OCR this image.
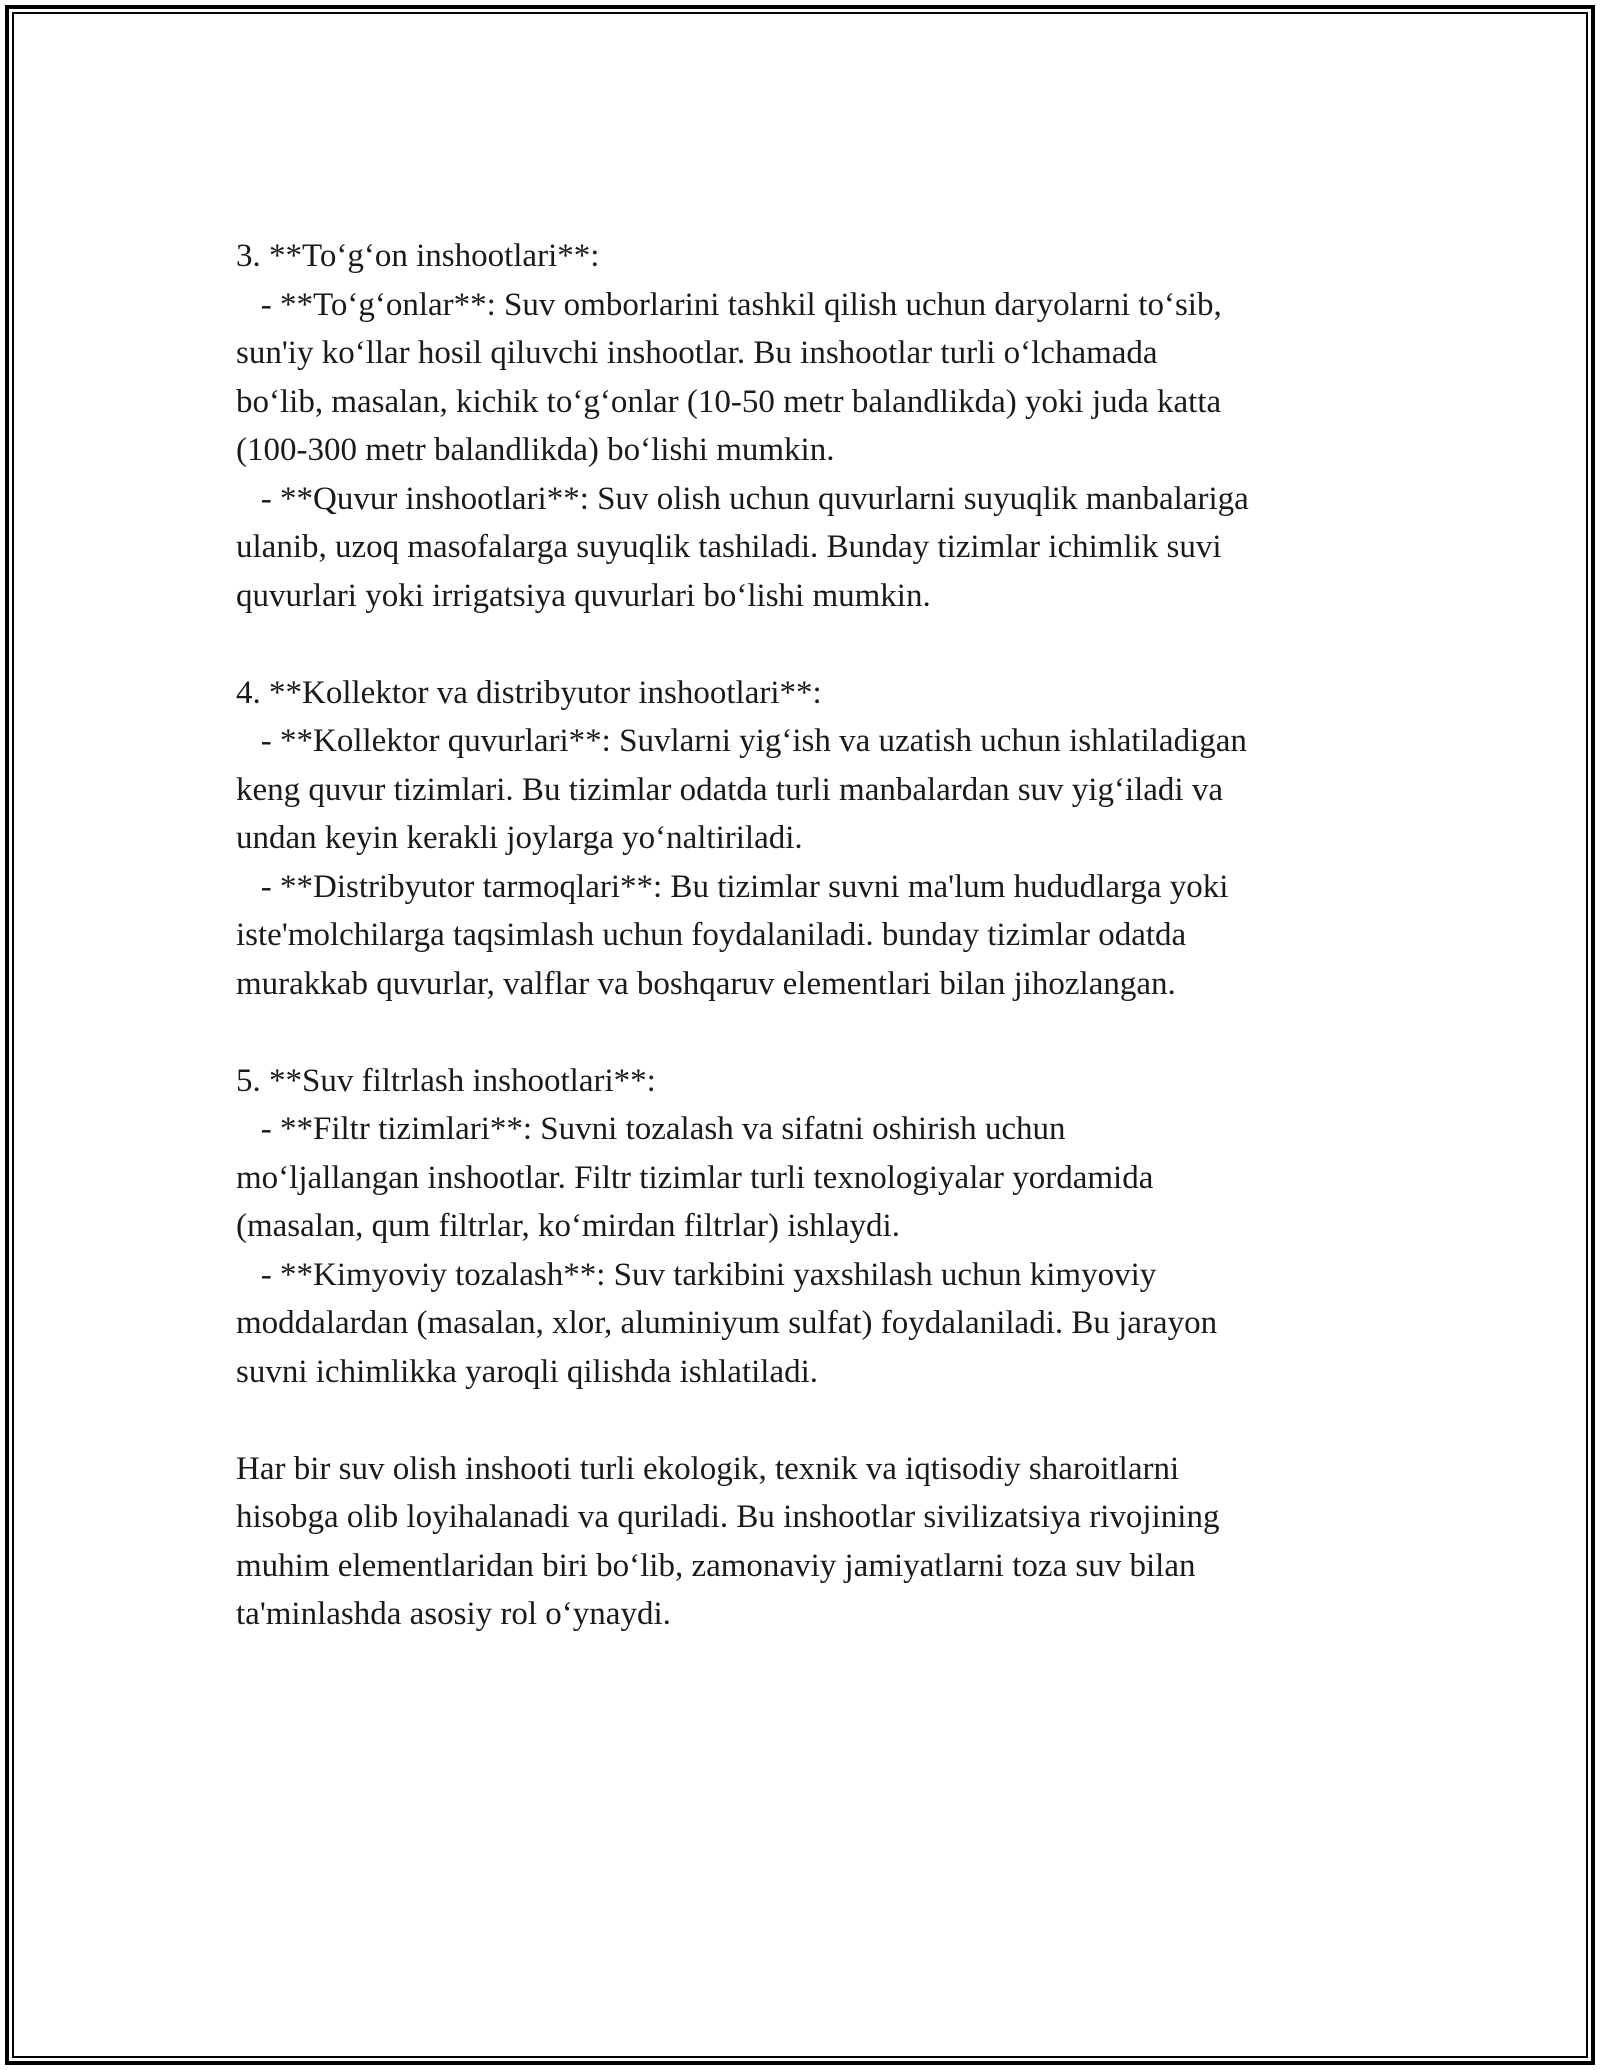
3. **To‘g‘on inshootlari**:
- **To‘g‘onlar**: Suv omborlarini tashkil qilish uchun daryolarni to‘sib,
sun'iy ko‘llar hosil qiluvchi inshootlar. Bu inshootlar turli o‘lchamada
bo‘lib, masalan, kichik to‘g‘onlar (10-50 metr balandlikda) yoki juda katta
(100-300 metr balandlikda) bo‘lishi mumkin.
- **Quvur inshootlari**: Suv olish uchun quvurlarni suyuqlik manbalariga
ulanib, uzoq masofalarga suyuqlik tashiladi. Bunday tizimlar ichimlik suvi
quvurlari yoki irrigatsiya quvurlari bo‘lishi mumkin.
4. **Kollektor va distribyutor inshootlari**:
- **Kollektor quvurlari**: Suvlarni yig‘ish va uzatish uchun ishlatiladigan
keng quvur tizimlari. Bu tizimlar odatda turli manbalardan suv yig‘iladi va
undan keyin kerakli joylarga yo‘naltiriladi.
- **Distribyutor tarmoqlari**: Bu tizimlar suvni ma'lum hududlarga yoki
iste'molchilarga taqsimlash uchun foydalaniladi. bunday tizimlar odatda
murakkab quvurlar, valflar va boshqaruv elementlari bilan jihozlangan.
5. **Suv filtrlash inshootlari**:
- **Filtr tizimlari**: Suvni tozalash va sifatni oshirish uchun
mo‘ljallangan inshootlar. Filtr tizimlar turli texnologiyalar yordamida
(masalan, qum filtrlar, ko‘mirdan filtrlar) ishlaydi.
- **Kimyoviy tozalash**: Suv tarkibini yaxshilash uchun kimyoviy
moddalardan (masalan, xlor, aluminiyum sulfat) foydalaniladi. Bu jarayon
suvni ichimlikka yaroqli qilishda ishlatiladi.
Har bir suv olish inshooti turli ekologik, texnik va iqtisodiy sharoitlarni
hisobga olib loyihalanadi va quriladi. Bu inshootlar sivilizatsiya rivojining
muhim elementlaridan biri bo‘lib, zamonaviy jamiyatlarni toza suv bilan
ta'minlashda asosiy rol o‘ynaydi.
